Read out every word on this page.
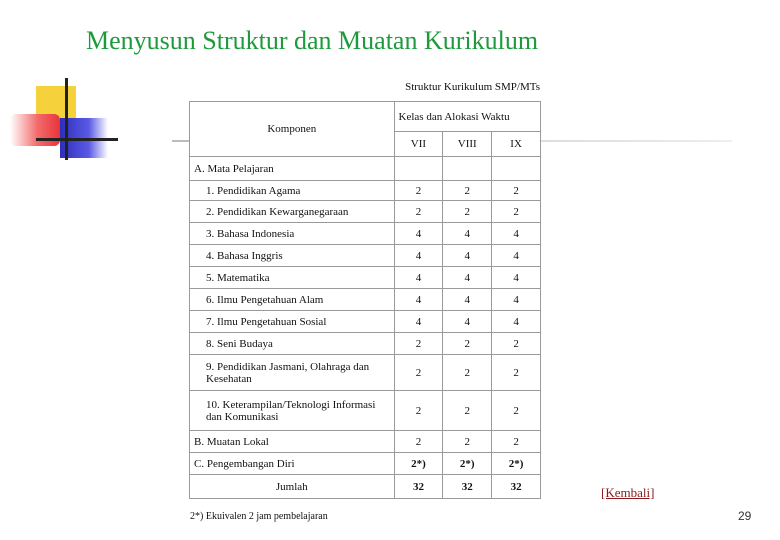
Menyusun Struktur dan Muatan Kurikulum
Struktur Kurikulum SMP/MTs
Komponen	Kelas dan Alokasi Waktu		
	VII	VIII	IX
A. Mata Pelajaran			
1. Pendidikan Agama	2	2	2
2. Pendidikan Kewarganegaraan	2	2	2
3. Bahasa Indonesia	4	4	4
4. Bahasa Inggris	4	4	4
5. Matematika	4	4	4
6. Ilmu Pengetahuan Alam	4	4	4
7. Ilmu Pengetahuan Sosial	4	4	4
8. Seni Budaya	2	2	2
9. Pendidikan Jasmani, Olahraga dan Kesehatan	2	2	2
10. Keterampilan/Teknologi Informasi dan Komunikasi	2	2	2
B. Muatan Lokal	2	2	2
C. Pengembangan Diri	2*)	2*)	2*)
Jumlah	32	32	32	[Kembali]
2*) Ekuivalen 2 jam pembelajaran	29
